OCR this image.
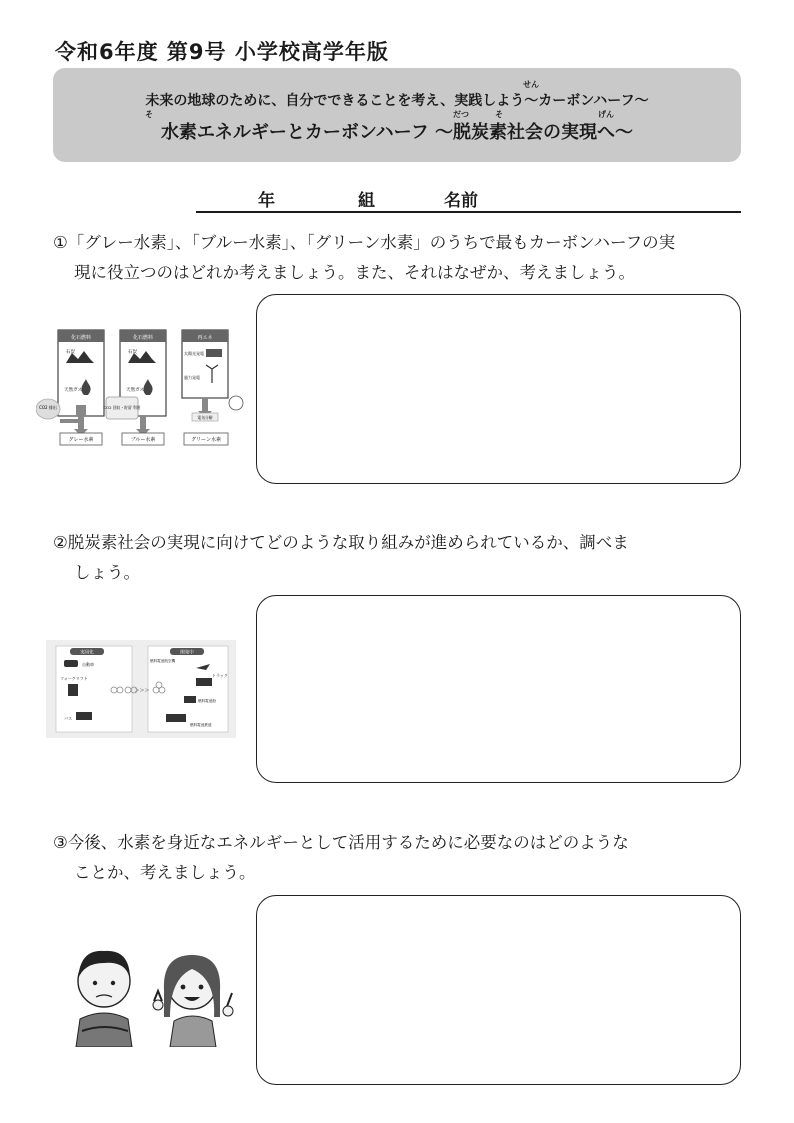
令和6年度 第9号 小学校高学年版
せん
未来の地球のために、自分でできることを考え、実践しよう～カーボンハーフ～
そ	だつ	そ	げん
水素エネルギーとカーボンハーフ ～脱炭素社会の実現へ～
年	組	名前
①「グレー水素」、「ブルー水素」、「グリーン水素」のうちで最もカーボンハーフの実
現に役立つのはどれか考えましょう。また、それはなぜか、考えましょう。
化石燃料
石炭
天然ガス
化石燃料
石炭
天然ガス
再エネ
太陽光発電
風力発電
CO2 排出	CO2 回収・貯留 利用
電気分解
グレー水素	ブルー水素	グリーン水素
②脱炭素社会の実現に向けてどのような取り組みが進められているか、調べま
しょう。
実用化	開発中
自動車
フォークリフト
バス
燃料電池航空機
トラック
燃料電池船
燃料電池鉄道
>>>
③今後、水素を身近なエネルギーとして活用するために必要なのはどのような
ことか、考えましょう。
